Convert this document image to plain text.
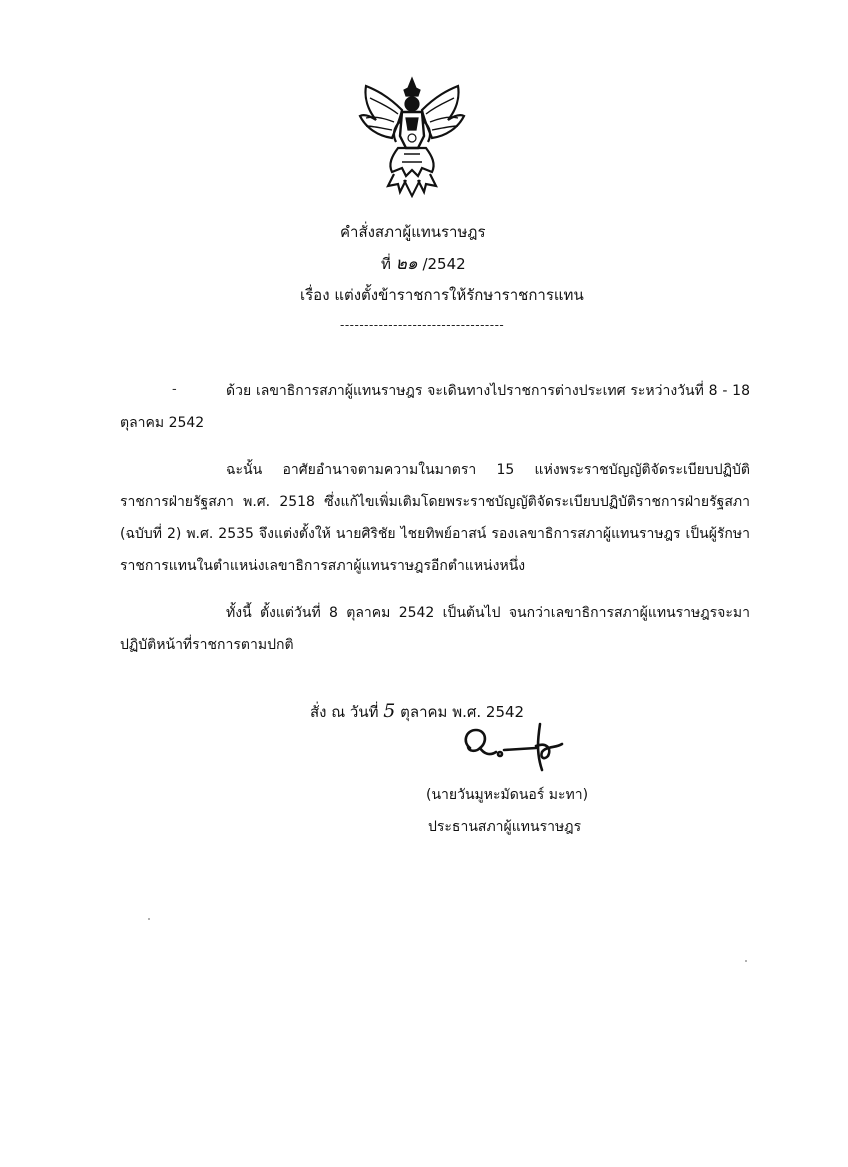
คำสั่งสภาผู้แทนราษฎร
ที่ ๒๑ /2542
เรื่อง แต่งตั้งข้าราชการให้รักษาราชการแทน
----------------------------------
-	ด้วย เลขาธิการสภาผู้แทนราษฎร จะเดินทางไปราชการต่างประเทศ ระหว่างวันที่ 8 - 18 ตุลาคม 2542
ฉะนั้น อาศัยอำนาจตามความในมาตรา 15 แห่งพระราชบัญญัติจัดระเบียบปฏิบัติราชการฝ่ายรัฐสภา พ.ศ. 2518 ซึ่งแก้ไขเพิ่มเติมโดยพระราชบัญญัติจัดระเบียบปฏิบัติราชการฝ่ายรัฐสภา (ฉบับที่ 2) พ.ศ. 2535 จึงแต่งตั้งให้ นายศิริชัย ไชยทิพย์อาสน์ รองเลขาธิการสภาผู้แทนราษฎร เป็นผู้รักษาราชการแทนในตำแหน่งเลขาธิการสภาผู้แทนราษฎรอีกตำแหน่งหนึ่ง
ทั้งนี้ ตั้งแต่วันที่ 8 ตุลาคม 2542 เป็นต้นไป จนกว่าเลขาธิการสภาผู้แทนราษฎรจะมาปฏิบัติหน้าที่ราชการตามปกติ
สั่ง ณ วันที่ 5 ตุลาคม พ.ศ. 2542
(นายวันมูหะมัดนอร์ มะทา)
ประธานสภาผู้แทนราษฎร
